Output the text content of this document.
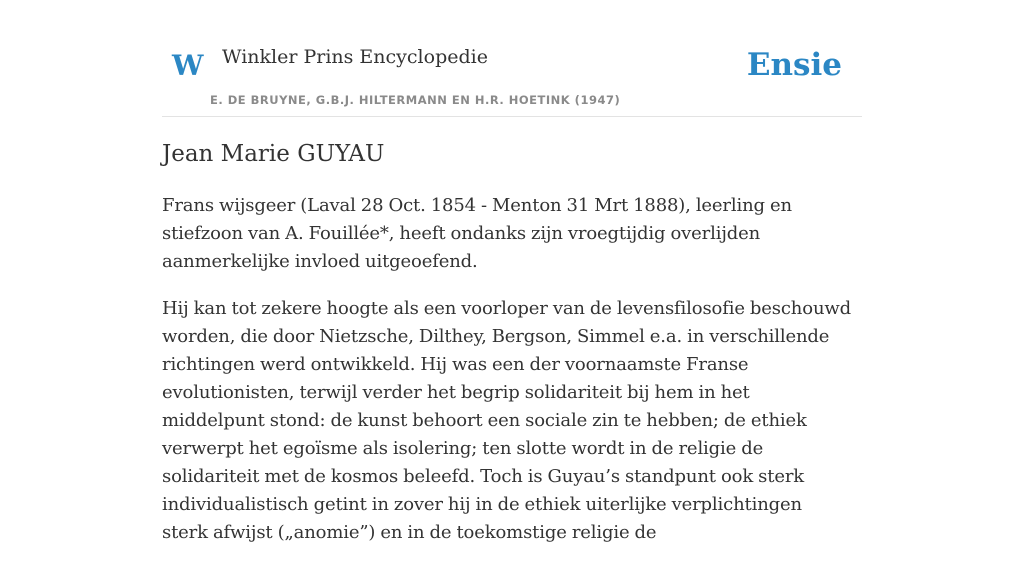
W Winkler Prins Encyclopedie
E. DE BRUYNE, G.B.J. HILTERMANN EN H.R. HOETINK (1947)
Ensie
Jean Marie GUYAU

Frans wijsgeer (Laval 28 Oct. 1854 - Menton 31 Mrt 1888), leerling en stiefzoon van A. Fouillée*, heeft ondanks zijn vroegtijdig overlijden aanmerkelijke invloed uitgeoefend.

Hij kan tot zekere hoogte als een voorloper van de levensfilosofie beschouwd worden, die door Nietzsche, Dilthey, Bergson, Simmel e.a. in verschillende richtingen werd ontwikkeld. Hij was een der voornaamste Franse evolutionisten, terwijl verder het begrip solidariteit bij hem in het middelpunt stond: de kunst behoort een sociale zin te hebben; de ethiek verwerpt het egoïsme als isolering; ten slotte wordt in de religie de solidariteit met de kosmos beleefd. Toch is Guyau’s standpunt ook sterk individualistisch getint in zover hij in de ethiek uiterlijke verplichtingen sterk afwijst („anomie”) en in de toekomstige religie de
